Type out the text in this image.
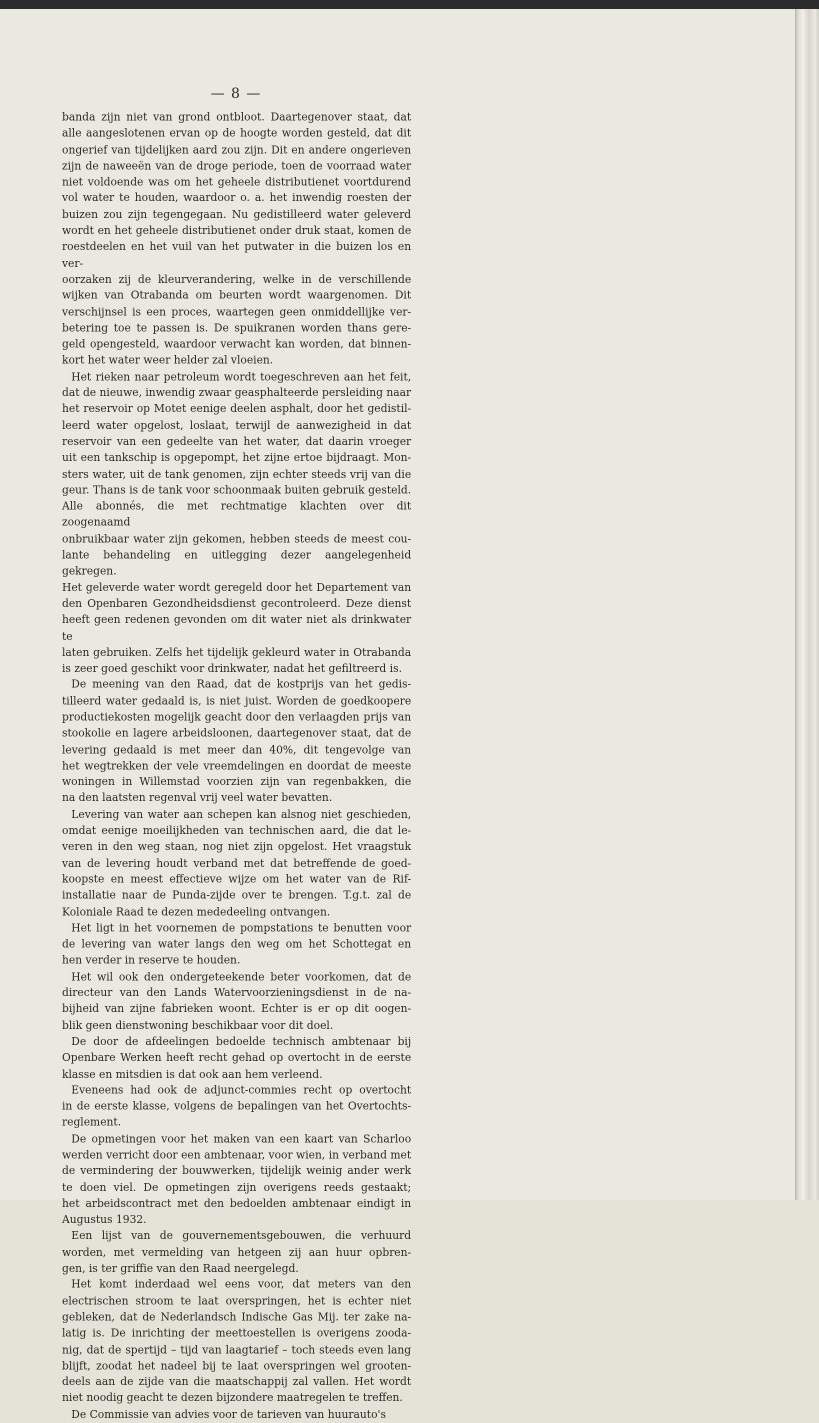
— 8 —

banda zijn niet van grond ontbloot. Daartegenover staat, dat

alle aangeslotenen ervan op de hoogte worden gesteld, dat dit

ongerief van tijdelijken aard zou zijn. Dit en andere ongerieven

zijn de naweeën van de droge periode, toen de voorraad water

niet voldoende was om het geheele distributienet voortdurend

vol water te houden, waardoor o. a. het inwendig roesten der

buizen zou zijn tegengegaan. Nu gedistilleerd water geleverd

wordt en het geheele distributienet onder druk staat, komen de

roestdeelen en het vuil van het putwater in die buizen los en ver-

oorzaken zij de kleurverandering, welke in de verschillende

wijken van Otrabanda om beurten wordt waargenomen. Dit

verschijnsel is een proces, waartegen geen onmiddellijke ver-

betering toe te passen is. De spuikranen worden thans gere-

geld opengesteld, waardoor verwacht kan worden, dat binnen-

kort het water weer helder zal vloeien.

Het rieken naar petroleum wordt toegeschreven aan het feit,

dat de nieuwe, inwendig zwaar geasphalteerde persleiding naar

het reservoir op Motet eenige deelen asphalt, door het gedistil-

leerd water opgelost, loslaat, terwijl de aanwezigheid in dat

reservoir van een gedeelte van het water, dat daarin vroeger

uit een tankschip is opgepompt, het zijne ertoe bijdraagt. Mon-

sters water, uit de tank genomen, zijn echter steeds vrij van die

geur. Thans is de tank voor schoonmaak buiten gebruik gesteld.

Alle abonnés, die met rechtmatige klachten over dit zoogenaamd

onbruikbaar water zijn gekomen, hebben steeds de meest cou-

lante behandeling en uitlegging dezer aangelegenheid gekregen.

Het geleverde water wordt geregeld door het Departement van

den Openbaren Gezondheidsdienst gecontroleerd. Deze dienst

heeft geen redenen gevonden om dit water niet als drinkwater te

laten gebruiken. Zelfs het tijdelijk gekleurd water in Otrabanda

is zeer goed geschikt voor drinkwater, nadat het gefiltreerd is.

De meening van den Raad, dat de kostprijs van het gedis-

tilleerd water gedaald is, is niet juist. Worden de goedkoopere

productiekosten mogelijk geacht door den verlaagden prijs van

stookolie en lagere arbeidsloonen, daartegenover staat, dat de

levering gedaald is met meer dan 40%, dit tengevolge van

het wegtrekken der vele vreemdelingen en doordat de meeste

woningen in Willemstad voorzien zijn van regenbakken, die

na den laatsten regenval vrij veel water bevatten.

Levering van water aan schepen kan alsnog niet geschieden,

omdat eenige moeilijkheden van technischen aard, die dat le-

veren in den weg staan, nog niet zijn opgelost. Het vraagstuk

van de levering houdt verband met dat betreffende de goed-

koopste en meest effectieve wijze om het water van de Rif-

installatie naar de Punda-zijde over te brengen. T.g.t. zal de

Koloniale Raad te dezen mededeeling ontvangen.

Het ligt in het voornemen de pompstations te benutten voor

de levering van water langs den weg om het Schottegat en

hen verder in reserve te houden.

Het wil ook den ondergeteekende beter voorkomen, dat de

directeur van den Lands Watervoorzieningsdienst in de na-

bijheid van zijne fabrieken woont. Echter is er op dit oogen-

blik geen dienstwoning beschikbaar voor dit doel.

De door de afdeelingen bedoelde technisch ambtenaar bij

Openbare Werken heeft recht gehad op overtocht in de eerste

klasse en mitsdien is dat ook aan hem verleend.

Eveneens had ook de adjunct-commies recht op overtocht

in de eerste klasse, volgens de bepalingen van het Overtochts-

reglement.

De opmetingen voor het maken van een kaart van Scharloo

werden verricht door een ambtenaar, voor wien, in verband met

de vermindering der bouwwerken, tijdelijk weinig ander werk

te doen viel. De opmetingen zijn overigens reeds gestaakt;

het arbeidscontract met den bedoelden ambtenaar eindigt in

Augustus 1932.

Een lijst van de gouvernementsgebouwen, die verhuurd

worden, met vermelding van hetgeen zij aan huur opbren-

gen, is ter griffie van den Raad neergelegd.

Het komt inderdaad wel eens voor, dat meters van den

electrischen stroom te laat overspringen, het is echter niet

gebleken, dat de Nederlandsch Indische Gas Mij. ter zake na-

latig is. De inrichting der meettoestellen is overigens zooda-

nig, dat de spertijd – tijd van laagtarief – toch steeds even lang

blijft, zoodat het nadeel bij te laat overspringen wel grooten-

deels aan de zijde van die maatschappij zal vallen. Het wordt

niet noodig geacht te dezen bijzondere maatregelen te treffen.

De Commissie van advies voor de tarieven van huurauto's
